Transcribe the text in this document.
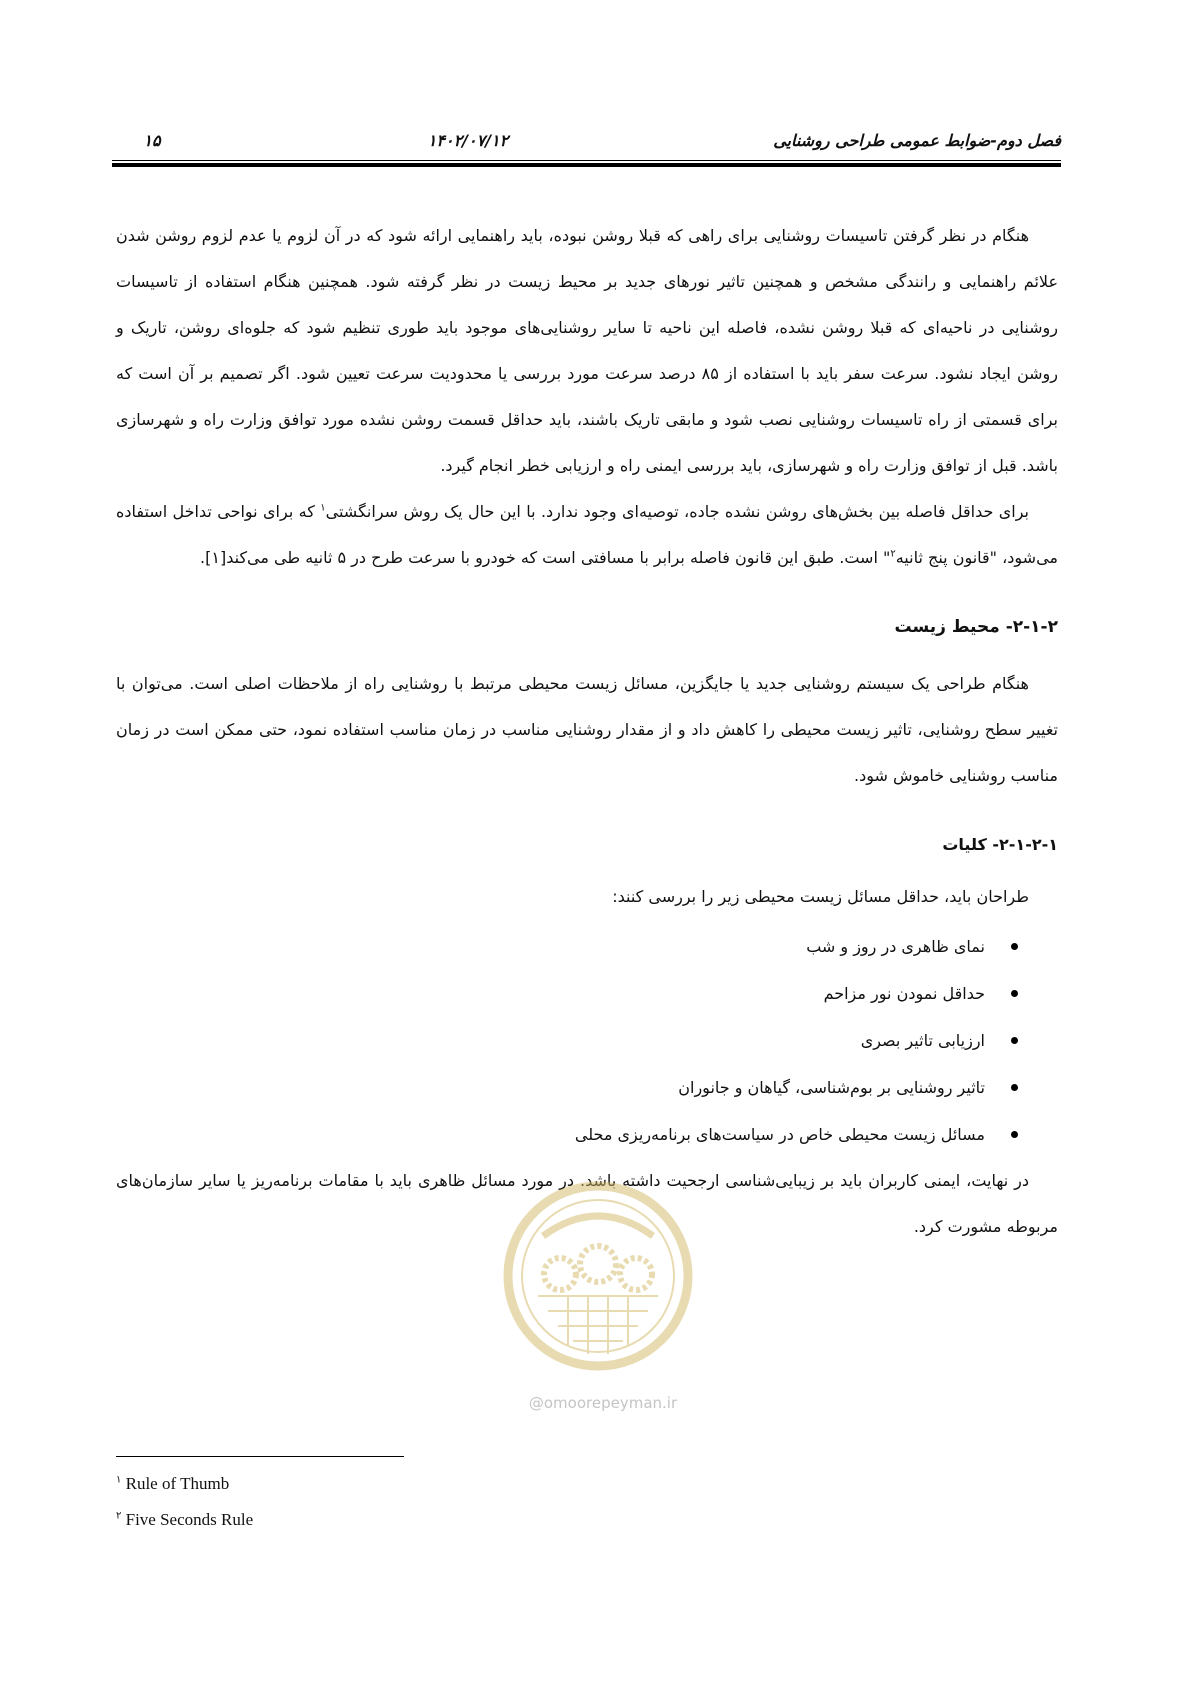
فصل دوم-ضوابط عمومی طراحی روشنایی
۱۴۰۲/۰۷/۱۲
۱۵

هنگام در نظر گرفتن تاسیسات روشنایی برای راهی که قبلا روشن نبوده، باید راهنمایی ارائه شود که در آن لزوم یا عدم لزوم روشن شدن علائم راهنمایی و رانندگی مشخص و همچنین تاثیر نورهای جدید بر محیط زیست در نظر گرفته شود. همچنین هنگام استفاده از تاسیسات روشنایی در ناحیه‌ای که قبلا روشن نشده، فاصله این ناحیه تا سایر روشنایی‌های موجود باید طوری تنظیم شود که جلوه‌ای روشن، تاریک و روشن ایجاد نشود. سرعت سفر باید با استفاده از ۸۵ درصد سرعت مورد بررسی یا محدودیت سرعت تعیین شود. اگر تصمیم بر آن است که برای قسمتی از راه تاسیسات روشنایی نصب شود و مابقی تاریک باشند، باید حداقل قسمت روشن نشده مورد توافق وزارت راه و شهرسازی باشد. قبل از توافق وزارت راه و شهرسازی، باید بررسی ایمنی راه و ارزیابی خطر انجام گیرد.

برای حداقل فاصله بین بخش‌های روشن نشده جاده، توصیه‌ای وجود ندارد. با این حال یک روش سرانگشتی$^۱$ که برای نواحی تداخل استفاده می‌شود، "قانون پنج ثانیه$^۲$" است. طبق این قانون فاصله برابر با مسافتی است که خودرو با سرعت طرح در ۵ ثانیه طی می‌کند[۱].

۲-۱-۲- محیط زیست

هنگام طراحی یک سیستم روشنایی جدید یا جایگزین، مسائل زیست محیطی مرتبط با روشنایی راه از ملاحظات اصلی است. می‌توان با تغییر سطح روشنایی، تاثیر زیست محیطی را کاهش داد و از مقدار روشنایی مناسب در زمان مناسب استفاده نمود، حتی ممکن است در زمان مناسب روشنایی خاموش شود.

۲-۱-۲-۱- کلیات

طراحان باید، حداقل مسائل زیست محیطی زیر را بررسی کنند:

نمای ظاهری در روز و شب
حداقل نمودن نور مزاحم
ارزیابی تاثیر بصری
تاثیر روشنایی بر بوم‌شناسی، گیاهان و جانوران
مسائل زیست محیطی خاص در سیاست‌های برنامه‌ریزی محلی

در نهایت، ایمنی کاربران باید بر زیبایی‌شناسی ارجحیت داشته باشد. در مورد مسائل ظاهری باید با مقامات برنامه‌ریز یا سایر سازمان‌های مربوطه مشورت کرد.

@omoorepeyman.ir
$^۱$ Rule of Thumb
$^۲$ Five Seconds Rule
